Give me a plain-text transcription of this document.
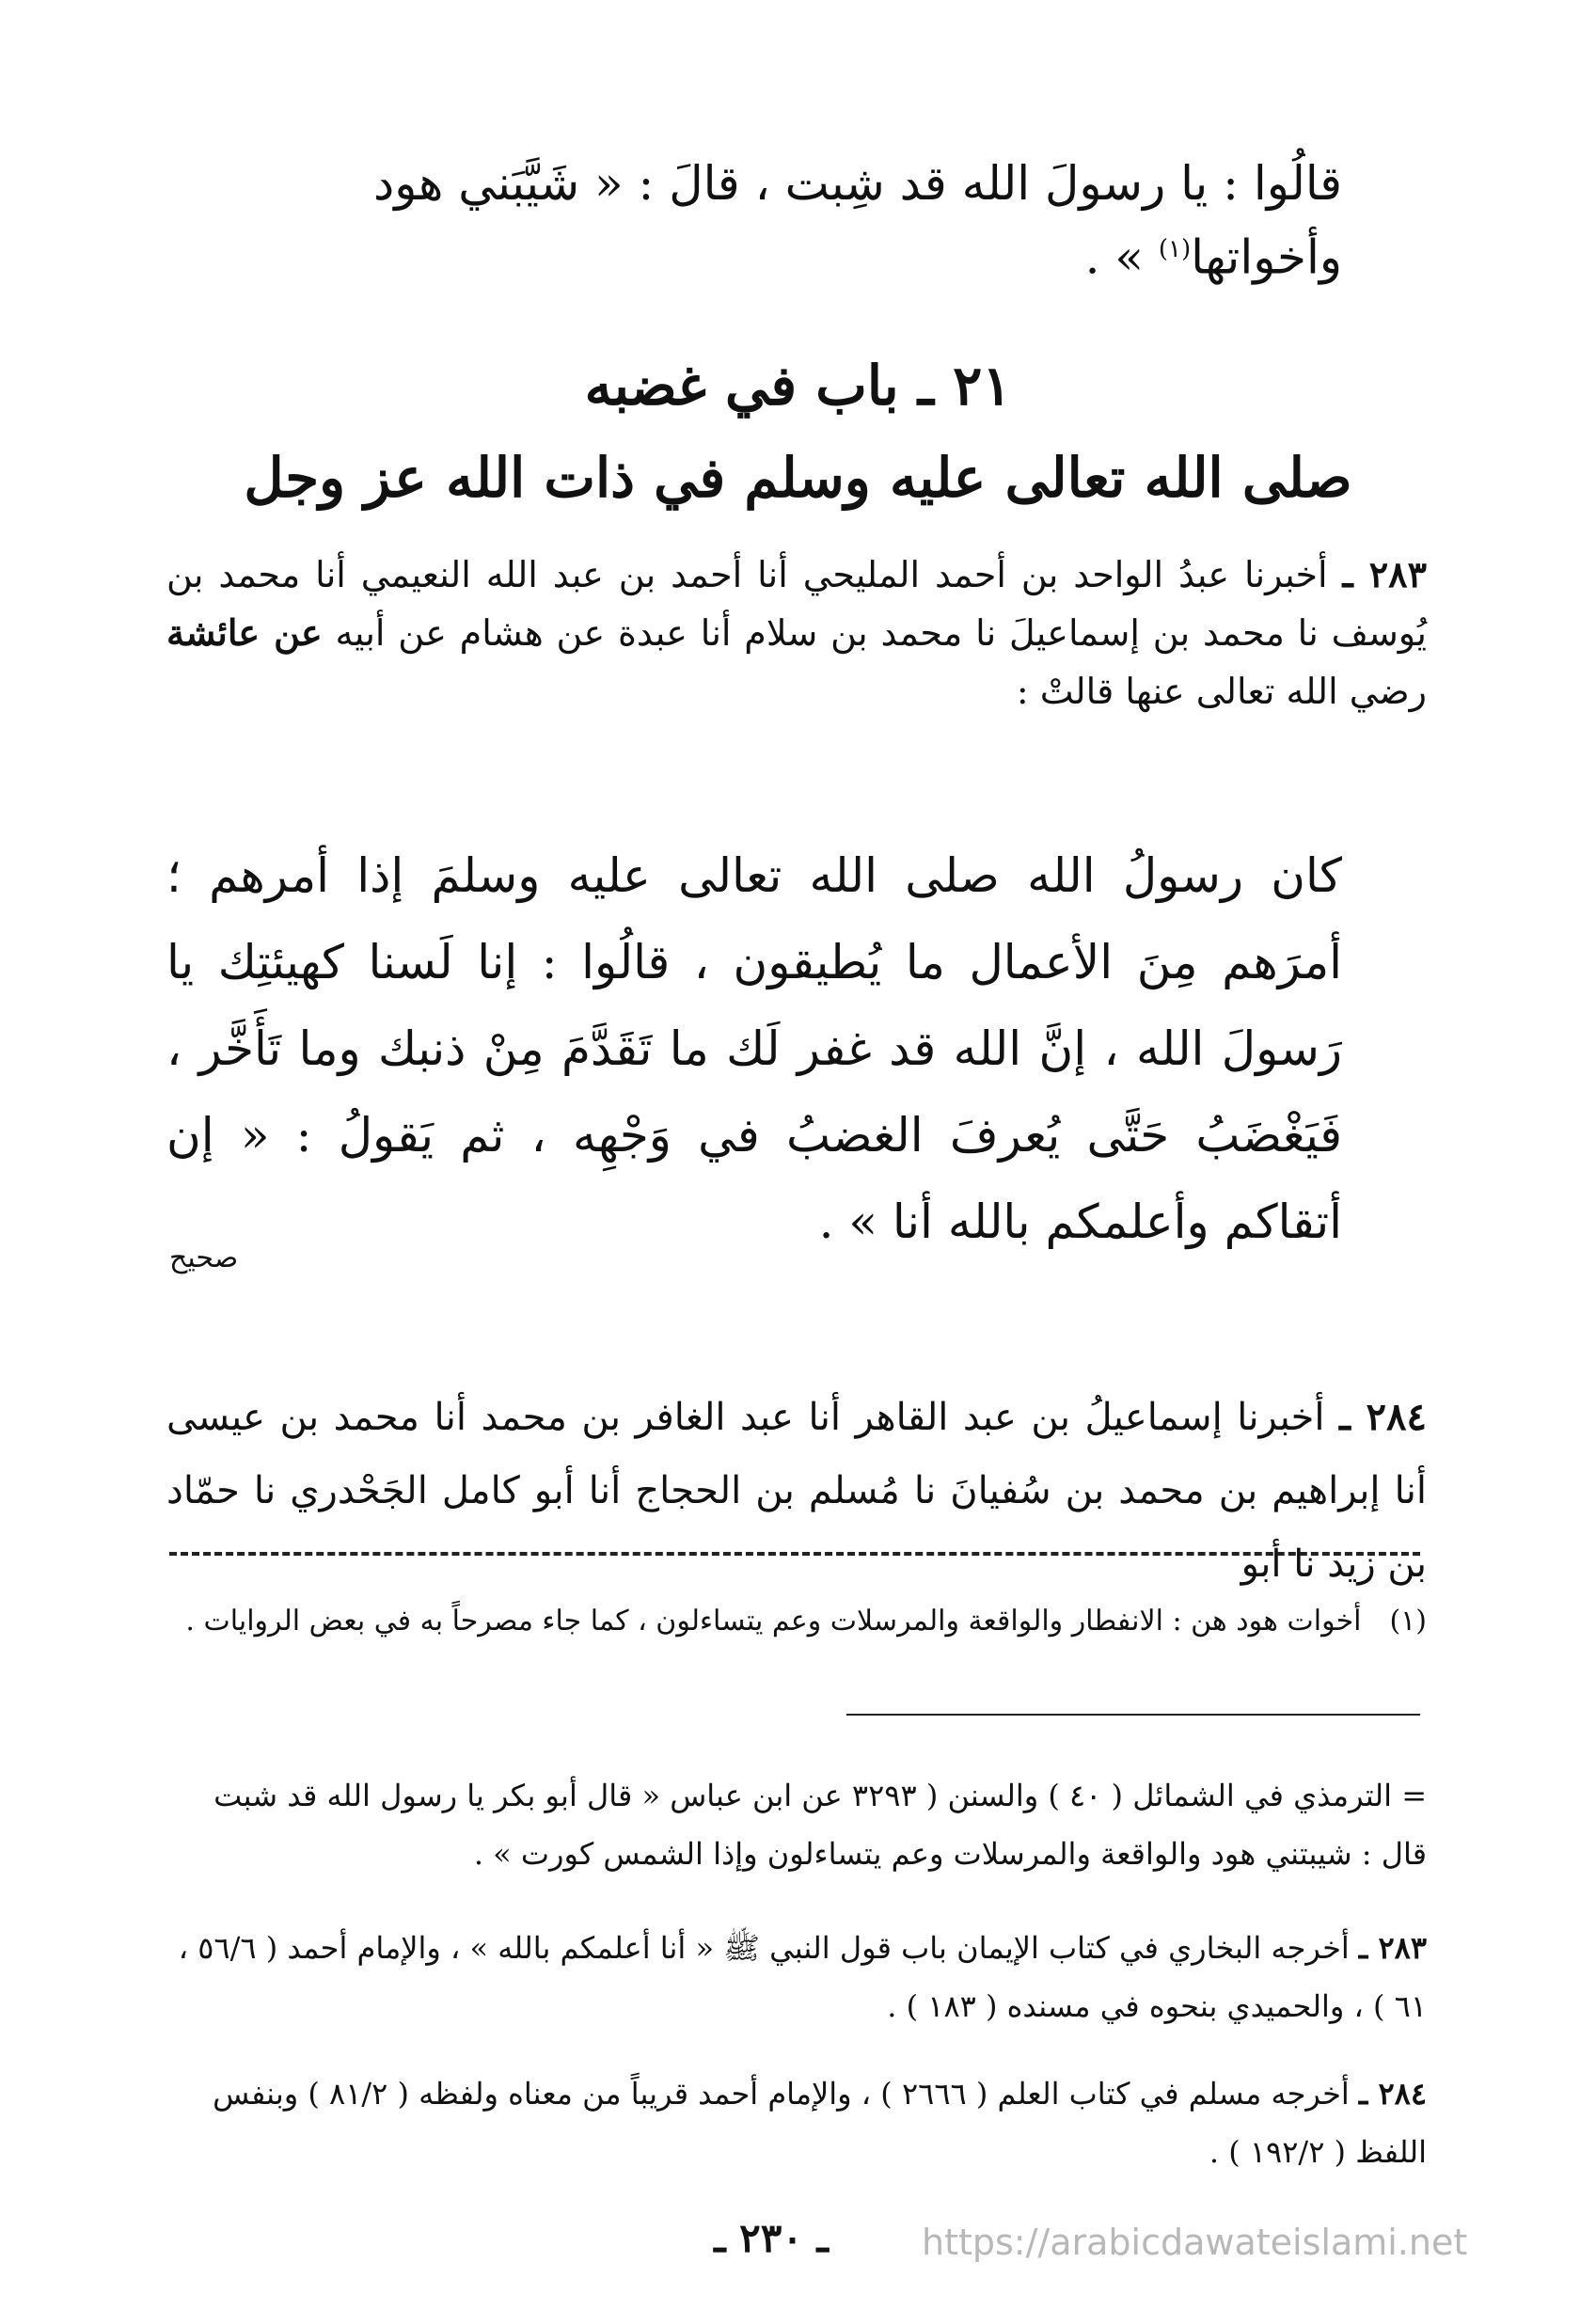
قالُوا : يا رسولَ الله قد شِبت ، قالَ : « شَيَّبَني هود وأخواتها$^{(١)}$ » .
٢١ ـ باب في غضبه
صلى الله تعالى عليه وسلم في ذات الله عز وجل
٢٨٣ ـ أخبرنا عبدُ الواحد بن أحمد المليحي أنا أحمد بن عبد الله النعيمي أنا محمد بن يُوسف نا محمد بن إسماعيلَ نا محمد بن سلام أنا عبدة عن هشام عن أبيه عن عائشة رضي الله تعالى عنها قالتْ :
كان رسولُ الله صلى الله تعالى عليه وسلمَ إذا أمرهم ؛ أمرَهم مِنَ الأعمال ما يُطيقون ، قالُوا : إنا لَسنا كهيئتِك يا رَسولَ الله ، إنَّ الله قد غفر لَك ما تَقَدَّمَ مِنْ ذنبك وما تَأَخَّر ، فَيَغْضَبُ حَتَّى يُعرفَ الغضبُ في وَجْهِه ، ثم يَقولُ : « إن أتقاكم وأعلمكم بالله أنا » .
صحيح
٢٨٤ ـ أخبرنا إسماعيلُ بن عبد القاهر أنا عبد الغافر بن محمد أنا محمد بن عيسى أنا إبراهيم بن محمد بن سُفيانَ نا مُسلم بن الحجاج أنا أبو كامل الجَحْدري نا حمّاد بن زيد نا أبو
(١) أخوات هود هن : الانفطار والواقعة والمرسلات وعم يتساءلون ، كما جاء مصرحاً به في بعض الروايات .
= الترمذي في الشمائل ( ٤٠ ) والسنن ( ٣٢٩٣ عن ابن عباس « قال أبو بكر يا رسول الله قد شبت قال : شيبتني هود والواقعة والمرسلات وعم يتساءلون وإذا الشمس كورت » .
٢٨٣ ـ أخرجه البخاري في كتاب الإيمان باب قول النبي ﷺ « أنا أعلمكم بالله » ، والإمام أحمد ( ٥٦/٦ ، ٦١ ) ، والحميدي بنحوه في مسنده ( ١٨٣ ) .
٢٨٤ ـ أخرجه مسلم في كتاب العلم ( ٢٦٦٦ ) ، والإمام أحمد قريباً من معناه ولفظه ( ٨١/٢ ) وبنفس اللفظ ( ١٩٢/٢ ) .
ـ ٢٣٠ ـ	https://arabicdawateislami.net
